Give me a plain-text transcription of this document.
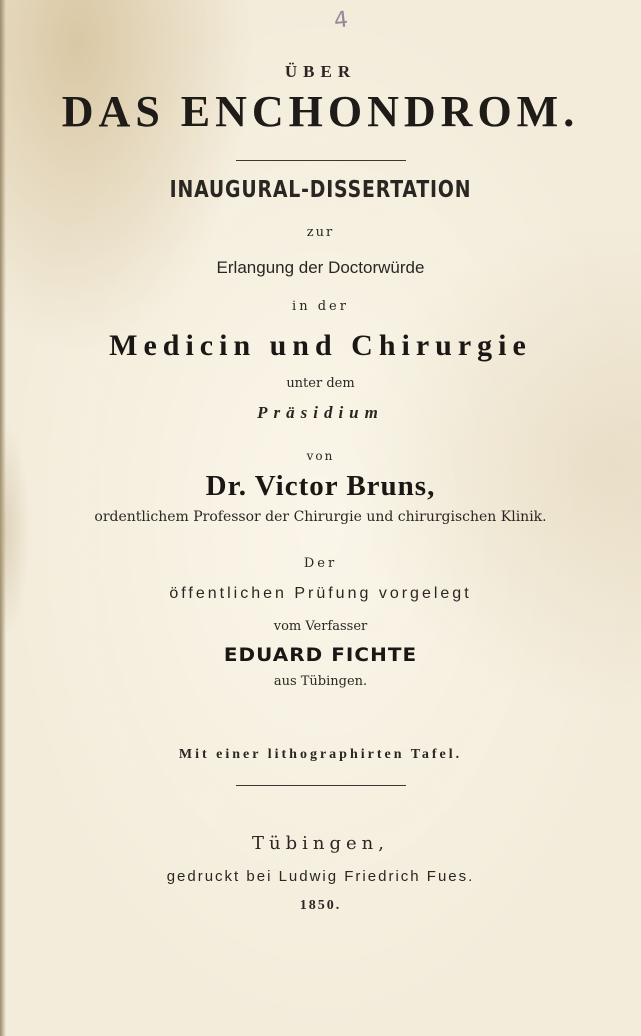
4
ÜBER
DAS ENCHONDROM.
INAUGURAL-DISSERTATION
zur
Erlangung der Doctorwürde
in der
Medicin und Chirurgie
unter dem
Präsidium
von
Dr. Victor Bruns,
ordentlichem Professor der Chirurgie und chirurgischen Klinik.
Der
öffentlichen Prüfung vorgelegt
vom Verfasser
EDUARD FICHTE
aus Tübingen.
Mit einer lithographirten Tafel.
Tübingen,
gedruckt bei Ludwig Friedrich Fues.
1850.
